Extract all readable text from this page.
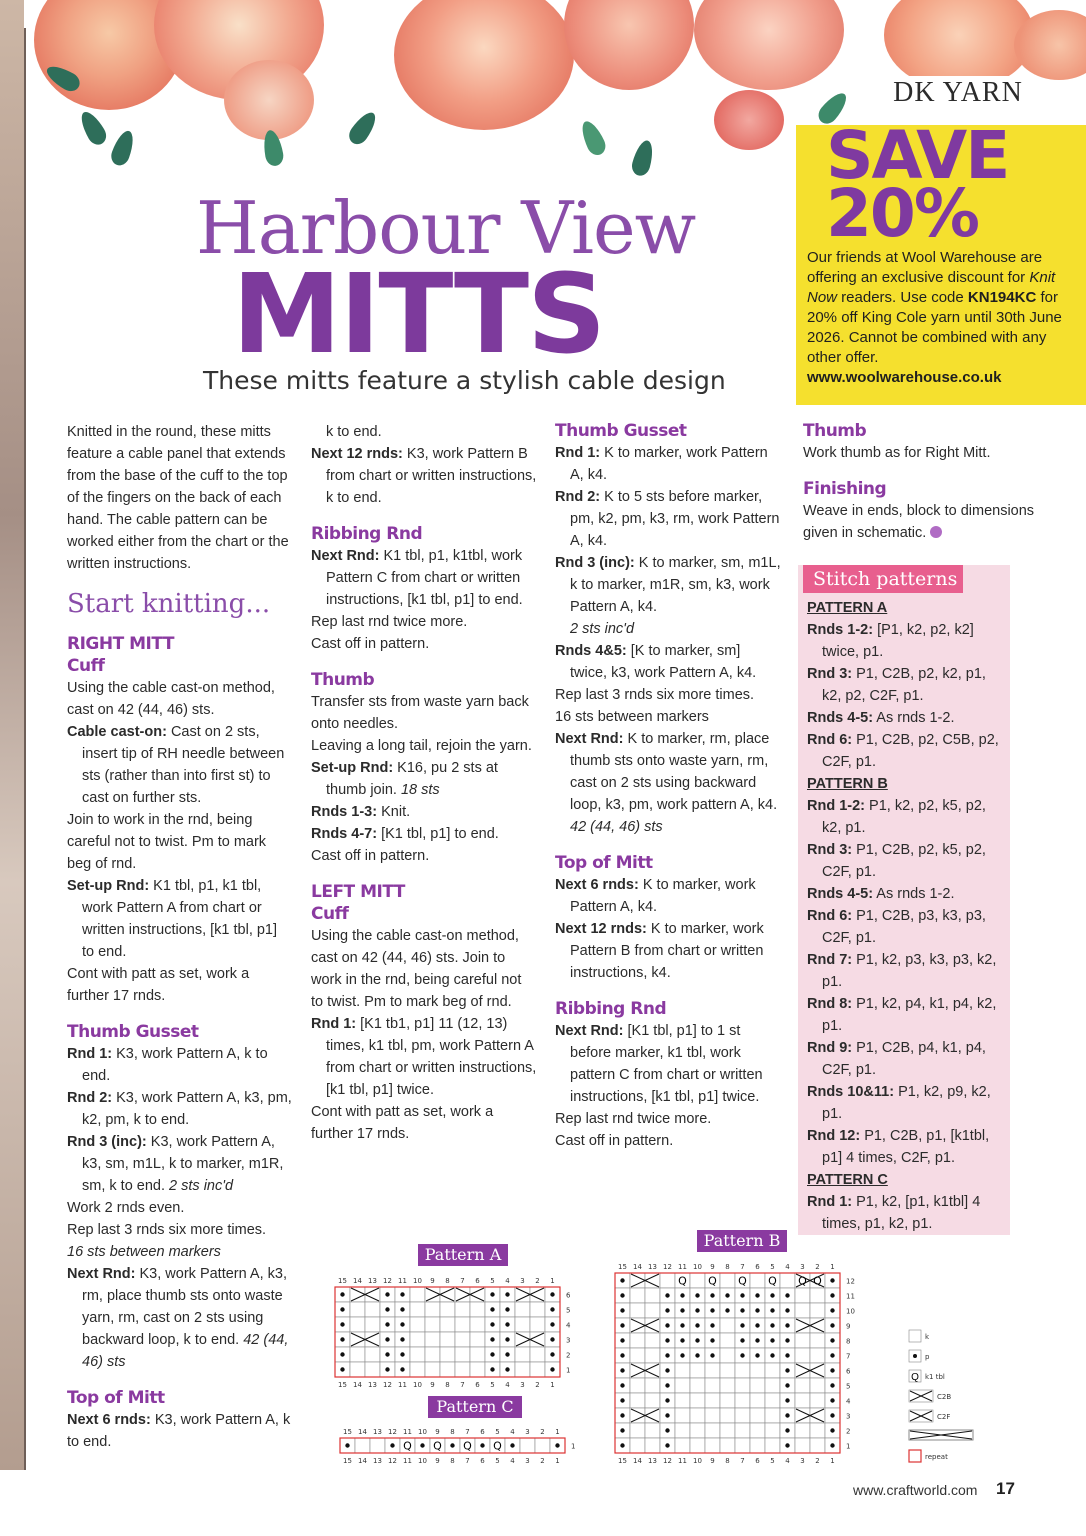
DK YARN
SAVE
20%
Our friends at Wool Warehouse are offering an exclusive discount for Knit Now readers. Use code KN194KC for 20% off King Cole yarn until 30th June 2026. Cannot be combined with any other offer.
www.woolwarehouse.co.uk
Harbour View
MITTS
These mitts feature a stylish cable design

Knitted in the round, these mitts feature a cable panel that extends from the base of the cuff to the top of the fingers on the back of each hand. The cable pattern can be worked either from the chart or the written instructions.

Start knitting...

RIGHT MITT

Cuff

Using the cable cast-on method, cast on 42 (44, 46) sts.

Cable cast-on: Cast on 2 sts, insert tip of RH needle between sts (rather than into first st) to cast on further sts.

Join to work in the rnd, being careful not to twist. Pm to mark beg of rnd.

Set-up Rnd: K1 tbl, p1, k1 tbl, work Pattern A from chart or written instructions, [k1 tbl, p1] to end.

Cont with patt as set, work a further 17 rnds.

Thumb Gusset

Rnd 1: K3, work Pattern A, k to end.

Rnd 2: K3, work Pattern A, k3, pm, k2, pm, k to end.

Rnd 3 (inc): K3, work Pattern A, k3, sm, m1L, k to marker, m1R, sm, k to end. 2 sts inc'd

Work 2 rnds even.

Rep last 3 rnds six more times.

16 sts between markers

Next Rnd: K3, work Pattern A, k3, rm, place thumb sts onto waste yarn, rm, cast on 2 sts using backward loop, k to end. 42 (44, 46) sts

Top of Mitt

Next 6 rnds: K3, work Pattern A, k to end.

k to end.

Next 12 rnds: K3, work Pattern B from chart or written instructions, k to end.

Ribbing Rnd

Next Rnd: K1 tbl, p1, k1tbl, work Pattern C from chart or written instructions, [k1 tbl, p1] to end.

Rep last rnd twice more.

Cast off in pattern.

Thumb

Transfer sts from waste yarn back onto needles.

Leaving a long tail, rejoin the yarn.

Set-up Rnd: K16, pu 2 sts at thumb join. 18 sts

Rnds 1-3: Knit.

Rnds 4-7: [K1 tbl, p1] to end.

Cast off in pattern.

LEFT MITT

Cuff

Using the cable cast-on method, cast on 42 (44, 46) sts. Join to work in the rnd, being careful not to twist. Pm to mark beg of rnd.

Rnd 1: [K1 tb1, p1] 11 (12, 13) times, k1 tbl, pm, work Pattern A from chart or written instructions, [k1 tbl, p1] twice.

Cont with patt as set, work a further 17 rnds.

Thumb Gusset

Rnd 1: K to marker, work Pattern A, k4.

Rnd 2: K to 5 sts before marker, pm, k2, pm, k3, rm, work Pattern A, k4.

Rnd 3 (inc): K to marker, sm, m1L, k to marker, m1R, sm, k3, work Pattern A, k4.
2 sts inc'd

Rnds 4&5: [K to marker, sm] twice, k3, work Pattern A, k4.

Rep last 3 rnds six more times.

16 sts between markers

Next Rnd: K to marker, rm, place thumb sts onto waste yarn, rm, cast on 2 sts using backward loop, k3, pm, work pattern A, k4. 42 (44, 46) sts

Top of Mitt

Next 6 rnds: K to marker, work Pattern A, k4.

Next 12 rnds: K to marker, work Pattern B from chart or written instructions, k4.

Ribbing Rnd

Next Rnd: [K1 tbl, p1] to 1 st before marker, k1 tbl, work pattern C from chart or written instructions, [k1 tbl, p1] twice.

Rep last rnd twice more.

Cast off in pattern.

Thumb

Work thumb as for Right Mitt.

Finishing

Weave in ends, block to dimensions given in schematic.

Stitch patterns

PATTERN A

Rnds 1-2: [P1, k2, p2, k2] twice, p1.

Rnd 3: P1, C2B, p2, k2, p1, k2, p2, C2F, p1.

Rnds 4-5: As rnds 1-2.

Rnd 6: P1, C2B, p2, C5B, p2, C2F, p1.

PATTERN B

Rnd 1-2: P1, k2, p2, k5, p2, k2, p1.

Rnd 3: P1, C2B, p2, k5, p2, C2F, p1.

Rnds 4-5: As rnds 1-2.

Rnd 6: P1, C2B, p3, k3, p3, C2F, p1.

Rnd 7: P1, k2, p3, k3, p3, k2, p1.

Rnd 8: P1, k2, p4, k1, p4, k2, p1.

Rnd 9: P1, C2B, p4, k1, p4, C2F, p1.

Rnds 10&11: P1, k2, p9, k2, p1.

Rnd 12: P1, C2B, p1, [k1tbl, p1] 4 times, C2F, p1.

PATTERN C

Rnd 1: P1, k2, [p1, k1tbl] 4 times, p1, k2, p1.

Pattern A
Pattern B
Pattern C
15
15
14
14
13
13
12
12
11
11
10
10
9
9
8
8
7
7
6
6
5
5
4
4
3
3
2
2
1
1
6
5
4
3
2
1
15
15
14
14
13
13
12
12
11
11
10
10
9
9
8
8
7
7
6
6
5
5
4
4
3
3
2
2
1
1
12
11
10
9
8
7
6
5
4
3
2
1
Q Q Q Q Q Q
15
15
14
14
13
13
12
12
11
11
10
10
9
9
8
8
7
7
6
6
5
5
4
4
3
3
2
2
1
1
1
Q Q Q Q
k
p
Q k1 tbl
C2B
C2F
repeat
www.craftworld.com 17
